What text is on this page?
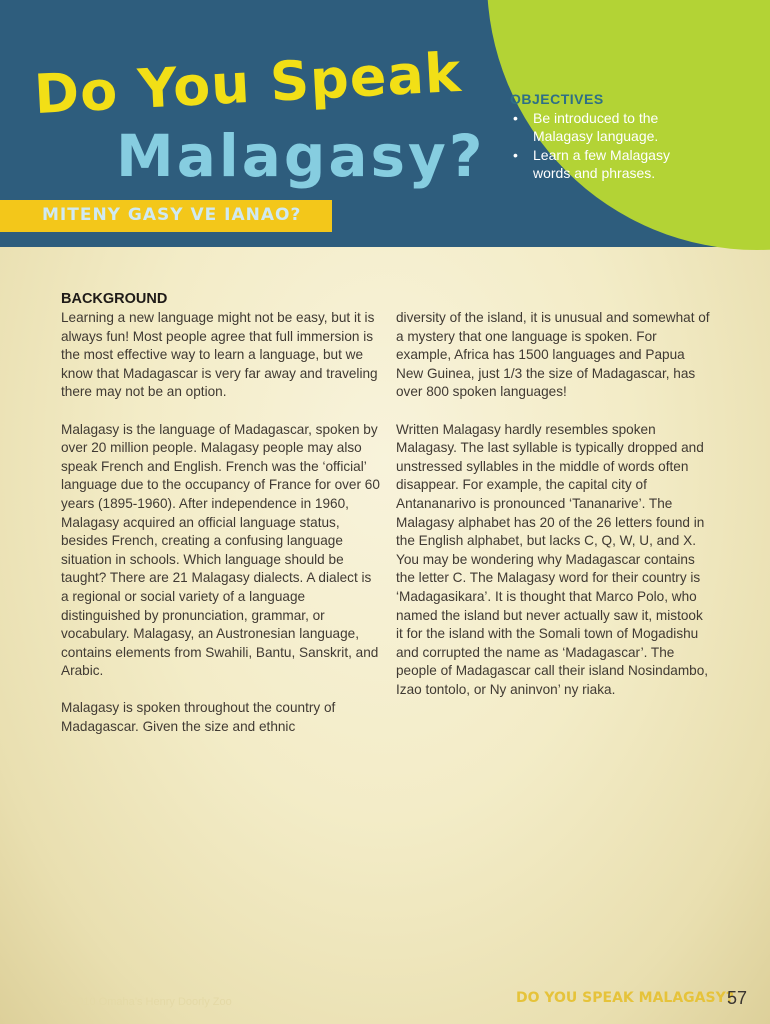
Do You Speak
Malagasy?

MITENY GASY VE IANAO?

OBJECTIVES
• Be introduced to the Malagasy language.
• Learn a few Malagasy words and phrases.
BACKGROUND

Learning a new language might not be easy, but it is always fun! Most people agree that full immersion is the most effective way to learn a language, but we know that Madagascar is very far away and traveling there may not be an option.

Malagasy is the language of Madagascar, spoken by over 20 million people. Malagasy people may also speak French and English. French was the ‘official’ language due to the occupancy of France for over 60 years (1895-1960). After independence in 1960, Malagasy acquired an official language status, besides French, creating a confusing language situation in schools. Which language should be taught? There are 21 Malagasy dialects. A dialect is a regional or social variety of a language distinguished by pronunciation, grammar, or vocabulary. Malagasy, an Austronesian language, contains elements from Swahili, Bantu, Sanskrit, and Arabic.

Malagasy is spoken throughout the country of Madagascar. Given the size and ethnic

diversity of the island, it is unusual and somewhat of a mystery that one language is spoken. For example, Africa has 1500 languages and Papua New Guinea, just 1/3 the size of Madagascar, has over 800 spoken languages!

Written Malagasy hardly resembles spoken Malagasy. The last syllable is typically dropped and unstressed syllables in the middle of words often disappear. For example, the capital city of Antananarivo is pronounced ‘Tananarive’. The Malagasy alphabet has 20 of the 26 letters found in the English alphabet, but lacks C, Q, W, U, and X. You may be wondering why Madagascar contains the letter C. The Malagasy word for their country is ‘Madagasikara’. It is thought that Marco Polo, who named the island but never actually saw it, mistook it for the island with the Somali town of Mogadishu and corrupted the name as ‘Madagascar’. The people of Madagascar call their island Nosindambo, Izao tontolo, or Ny aninvon’ ny riaka.

© 2010 Omaha’s Henry Doorly Zoo	DO YOU SPEAK MALAGASY?

57
